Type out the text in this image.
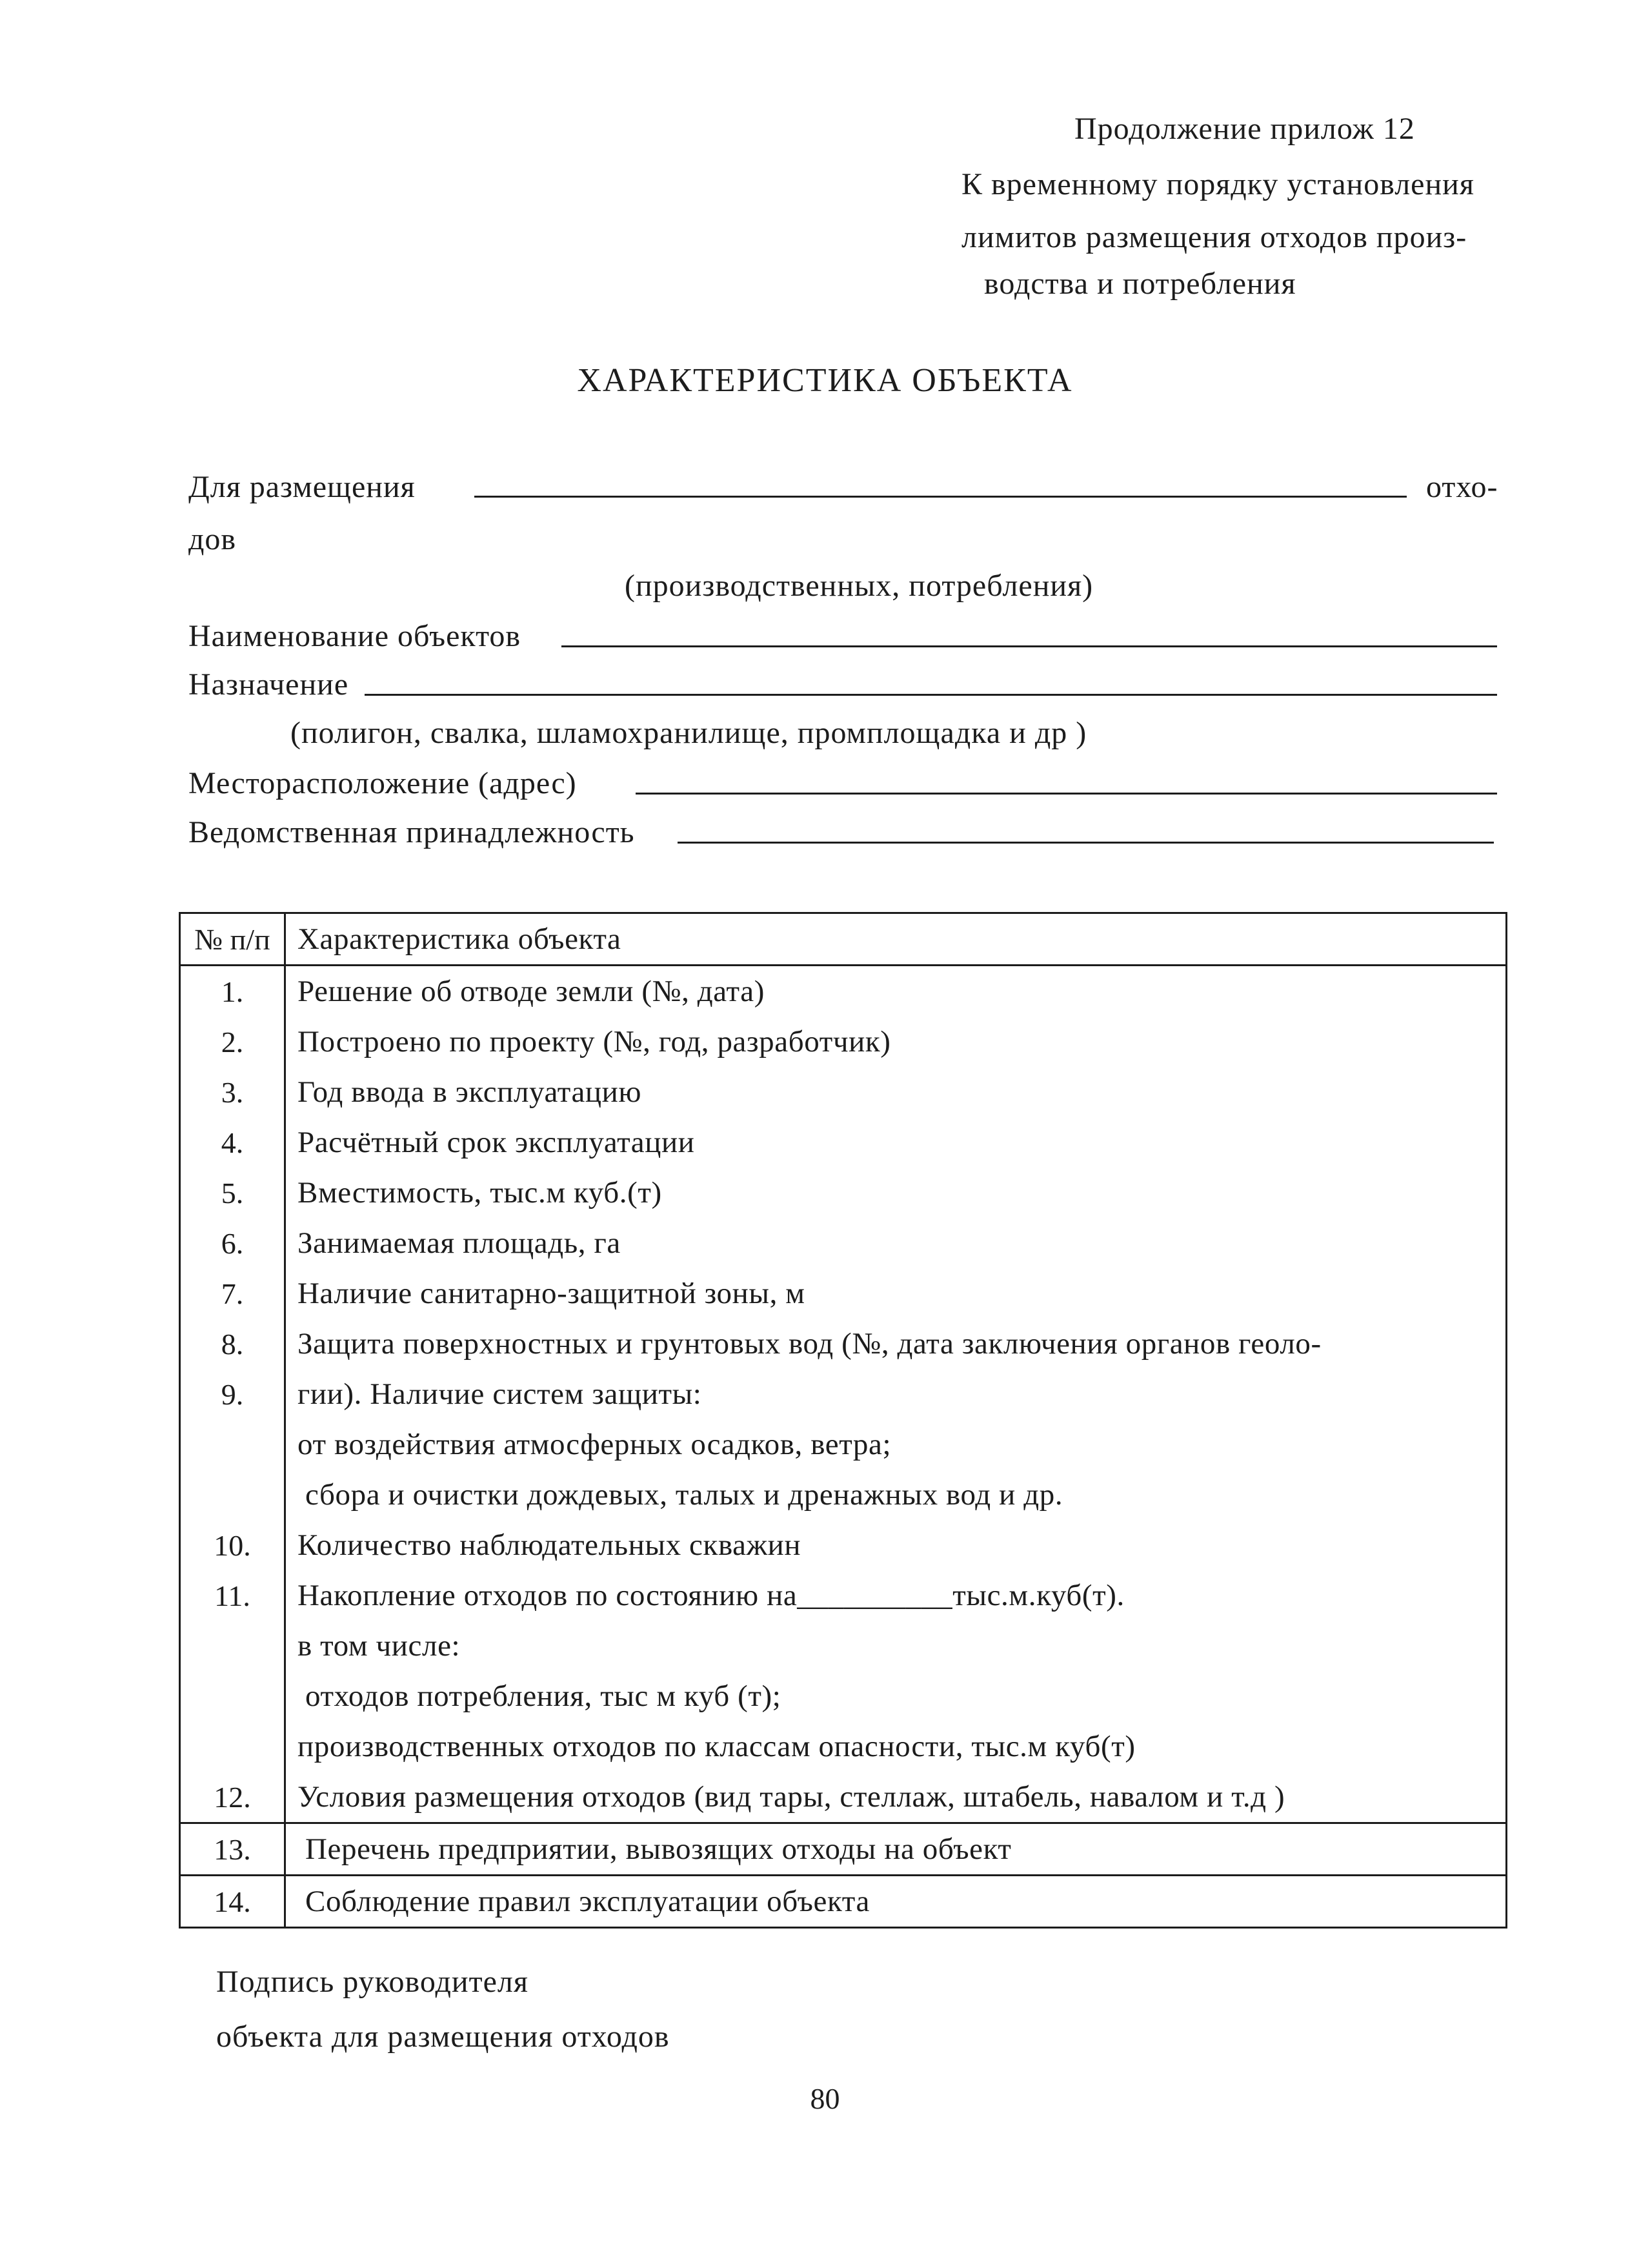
Продолжение прилож 12
К временному порядку установления
лимитов размещения отходов произ-
водства и потребления
ХАРАКТЕРИСТИКА ОБЪЕКТА
Для размещения	отхо-
дов
(производственных, потребления)
Наименование объектов
Назначение
(полигон, свалка, шламохранилище, промплощадка и др )
Месторасположение (адрес)
Ведомственная принадлежность
№ п/п Характеристика объекта
1.	Решение об отводе земли (№, дата)
2.	Построено по проекту (№, год, разработчик)
3.	Год ввода в эксплуатацию
4.	Расчётный срок эксплуатации
5.	Вместимость, тыс.м куб.(т)
6.	Занимаемая площадь, га
7.	Наличие санитарно-защитной зоны, м
8.	Защита поверхностных и грунтовых вод (№, дата заключения органов геоло-
9.	гии). Наличие систем защиты:
от воздействия атмосферных осадков, ветра;
сбора и очистки дождевых, талых и дренажных вод и др.
10.	Количество наблюдательных скважин
11.	Накопление отходов по состоянию на__________тыс.м.куб(т).
в том числе:
отходов потребления, тыс м куб (т);
производственных отходов по классам опасности, тыс.м куб(т)
12.	Условия размещения отходов (вид тары, стеллаж, штабель, навалом и т.д )
13.	Перечень предприятии, вывозящих отходы на объект
14.	Соблюдение правил эксплуатации объекта
Подпись руководителя
объекта для размещения отходов
80
